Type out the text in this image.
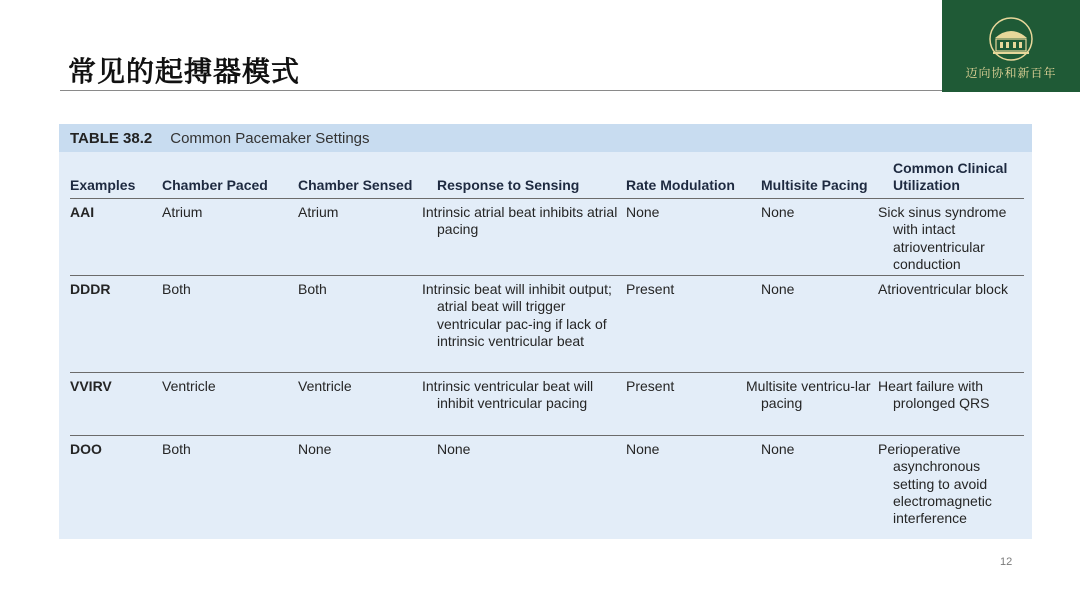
常见的起搏器模式	迈向协和新百年
TABLE 38.2 Common Pacemaker Settings
Examples	Chamber Paced	Chamber Sensed	Response to Sensing	Rate Modulation	Multisite Pacing	Common Clinical
Utilization
AAI	Atrium	Atrium	Intrinsic atrial beat inhibits atrial pacing	None	None	Sick sinus syndrome with intact atrioventricular conduction
DDDR	Both	Both	Intrinsic beat will inhibit output; atrial beat will trigger ventricular pac-ing if lack of intrinsic ventricular beat	Present	None	Atrioventricular block
VVIRV	Ventricle	Ventricle	Intrinsic ventricular beat will inhibit ventricular pacing	Present	Multisite ventricu-lar pacing	Heart failure with prolonged QRS
DOO	Both	None	None	None	None	Perioperative asynchronous setting to avoid electromagnetic interference
12
